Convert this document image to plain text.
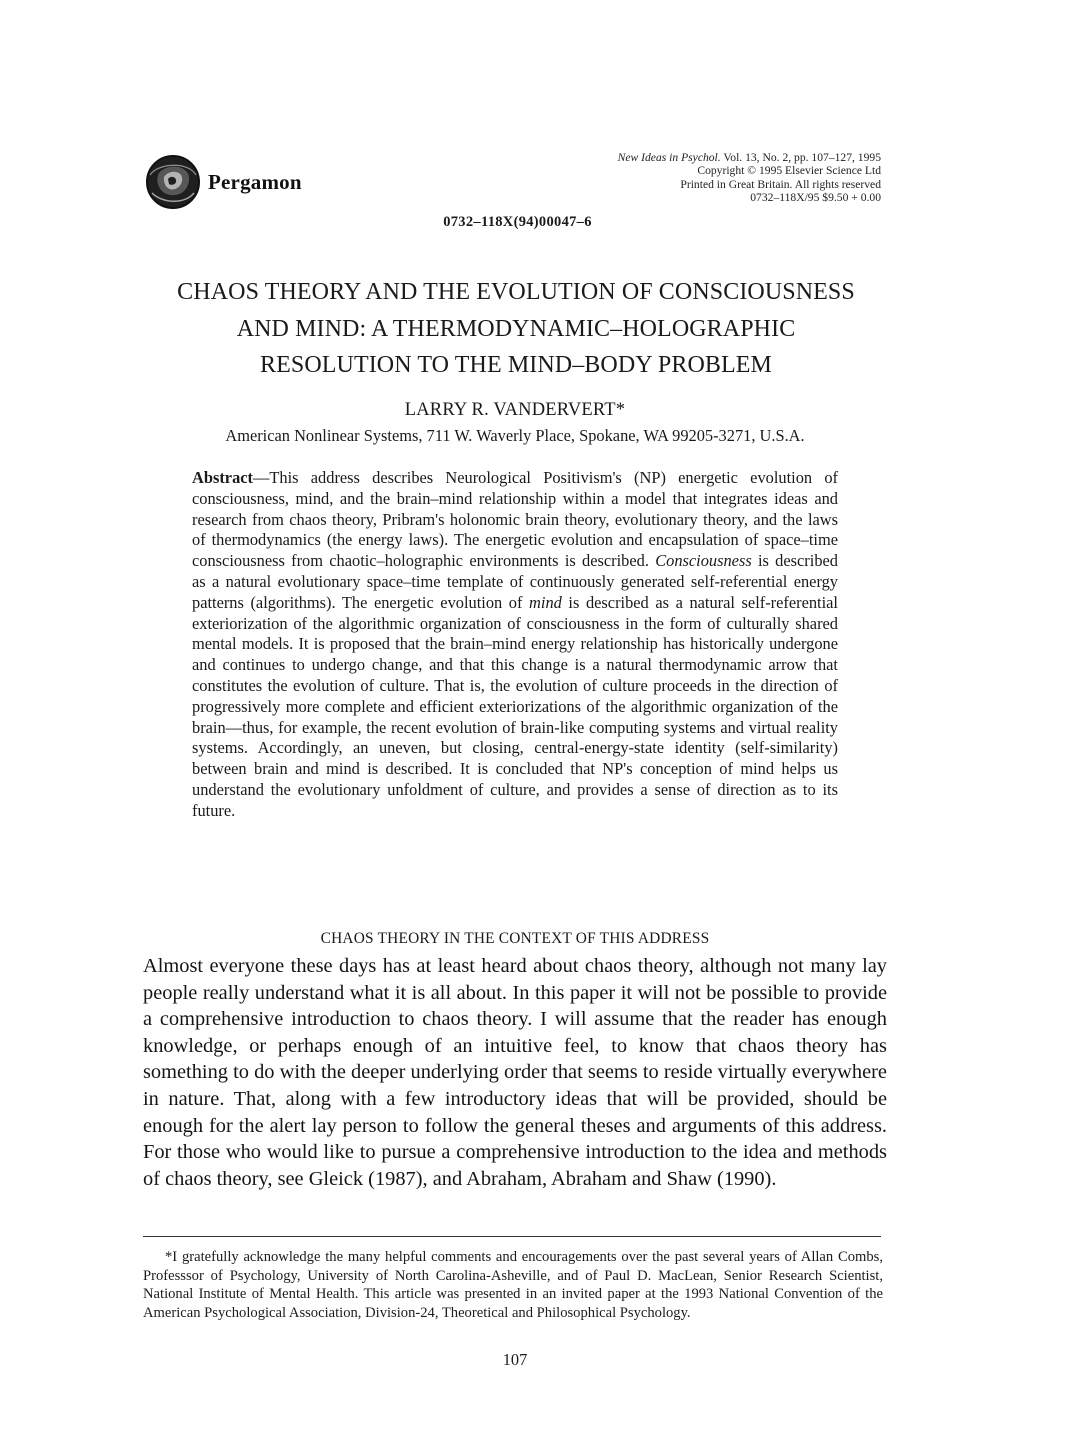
Pergamon
New Ideas in Psychol. Vol. 13, No. 2, pp. 107–127, 1995
Copyright © 1995 Elsevier Science Ltd
Printed in Great Britain. All rights reserved
0732–118X/95 $9.50 + 0.00
0732–118X(94)00047–6
CHAOS THEORY AND THE EVOLUTION OF CONSCIOUSNESS
AND MIND: A THERMODYNAMIC–HOLOGRAPHIC
RESOLUTION TO THE MIND–BODY PROBLEM
LARRY R. VANDERVERT*
American Nonlinear Systems, 711 W. Waverly Place, Spokane, WA 99205-3271, U.S.A.
Abstract—This address describes Neurological Positivism's (NP) energetic evolution of consciousness, mind, and the brain–mind relationship within a model that integrates ideas and research from chaos theory, Pribram's holonomic brain theory, evolutionary theory, and the laws of thermodynamics (the energy laws). The energetic evolution and encapsulation of space–time consciousness from chaotic–holographic environments is described. Consciousness is described as a natural evolutionary space–time template of continuously generated self-referential energy patterns (algorithms). The energetic evolution of mind is described as a natural self-referential exteriorization of the algorithmic organization of consciousness in the form of culturally shared mental models. It is proposed that the brain–mind energy relationship has historically undergone and continues to undergo change, and that this change is a natural thermodynamic arrow that constitutes the evolution of culture. That is, the evolution of culture proceeds in the direction of progressively more complete and efficient exteriorizations of the algorithmic organization of the brain—thus, for example, the recent evolution of brain-like computing systems and virtual reality systems. Accordingly, an uneven, but closing, central-energy-state identity (self-similarity) between brain and mind is described. It is concluded that NP's conception of mind helps us understand the evolutionary unfoldment of culture, and provides a sense of direction as to its future.
CHAOS THEORY IN THE CONTEXT OF THIS ADDRESS
Almost everyone these days has at least heard about chaos theory, although not many lay people really understand what it is all about. In this paper it will not be possible to provide a comprehensive introduction to chaos theory. I will assume that the reader has enough knowledge, or perhaps enough of an intuitive feel, to know that chaos theory has something to do with the deeper underlying order that seems to reside virtually everywhere in nature. That, along with a few introductory ideas that will be provided, should be enough for the alert lay person to follow the general theses and arguments of this address. For those who would like to pursue a comprehensive introduction to the idea and methods of chaos theory, see Gleick (1987), and Abraham, Abraham and Shaw (1990).
*I gratefully acknowledge the many helpful comments and encouragements over the past several years of Allan Combs, Professsor of Psychology, University of North Carolina-Asheville, and of Paul D. MacLean, Senior Research Scientist, National Institute of Mental Health. This article was presented in an invited paper at the 1993 National Convention of the American Psychological Association, Division-24, Theoretical and Philosophical Psychology.
107
